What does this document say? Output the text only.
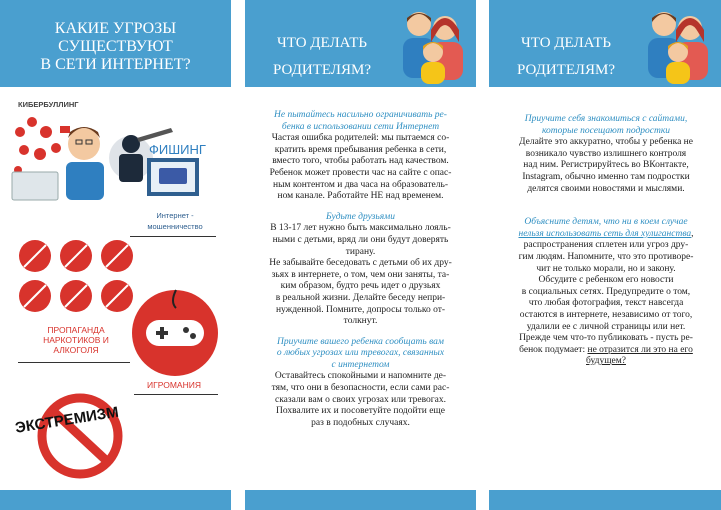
КАКИЕ УГРОЗЫ
СУЩЕСТВУЮТ
В СЕТИ ИНТЕРНЕТ?
КИБЕРБУЛЛИНГ
ФИШИНГ
Интернет -
мошенничество
ПРОПАГАНДА
НАРКОТИКОВ И
АЛКОГОЛЯ
ИГРОМАНИЯ
ЭКСТРЕМИЗМ
ЧТО ДЕЛАТЬ
РОДИТЕЛЯМ?
Не пытайтесь насильно ограничивать ре-
бенка в использовании сети Интернет
Частая ошибка родителей: мы пытаемся со-
кратить время пребывания ребенка в сети,
вместо того, чтобы работать над качеством.
Ребенок может провести час на сайте с опас-
ным контентом и два часа на образователь-
ном канале. Работайте НЕ над временем.
Будьте друзьями
В 13-17 лет нужно быть максимально лояль-
ными с детьми, вряд ли они будут доверять
тирану.
Не забывайте беседовать с детьми об их дру-
зьях в интернете, о том, чем они заняты, та-
ким образом, будто речь идет о друзьях
в реальной жизни. Делайте беседу непри-
нужденной. Помните, допросы только от-
толкнут.
Приучите вашего ребенка сообщать вам
о любых угрозах или тревогах, связанных
с интернетом
Оставайтесь спокойными и напомните де-
тям, что они в безопасности, если сами рас-
сказали вам о своих угрозах или тревогах.
Похвалите их и посоветуйте подойти еще
раз в подобных случаях.
ЧТО ДЕЛАТЬ
РОДИТЕЛЯМ?
Приучите себя знакомиться с сайтами,
которые посещают подростки
Делайте это аккуратно, чтобы у ребенка не
возникало чувство излишнего контроля
над ним. Регистрируйтесь во ВКонтакте,
Instagram, обычно именно там подростки
делятся своими новостями и мыслями.
Объясните детям, что ни в коем случае
нельзя использовать сеть для хулиганства,
распространения сплетен или угроз дру-
гим людям. Напомните, что это противоре-
чит не только морали, но и закону.
Обсудите с ребенком его новости
в социальных сетях. Предупредите о том,
что любая фотография, текст навсегда
остаются в интернете, независимо от того,
удалили ее с личной страницы или нет.
Прежде чем что-то публиковать - пусть ре-
бенок подумает: не отразится ли это на его
будущем?
